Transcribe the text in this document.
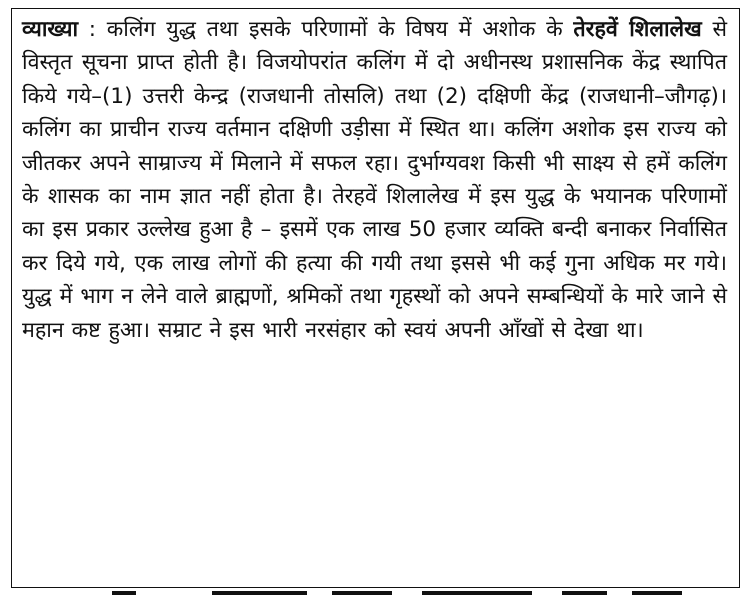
व्याख्या : कलिंग युद्ध तथा इसके परिणामों के विषय में अशोक के तेरहवें शिलालेख से विस्तृत सूचना प्राप्त होती है। विजयोपरांत कलिंग में दो अधीनस्थ प्रशासनिक केंद्र स्थापित किये गये–(1) उत्तरी केन्द्र (राजधानी तोसलि) तथा (2) दक्षिणी केंद्र (राजधानी–जौगढ़)। कलिंग का प्राचीन राज्य वर्तमान दक्षिणी उड़ीसा में स्थित था। कलिंग अशोक इस राज्य को जीतकर अपने साम्राज्य में मिलाने में सफल रहा। दुर्भाग्यवश किसी भी साक्ष्य से हमें कलिंग के शासक का नाम ज्ञात नहीं होता है। तेरहवें शिलालेख में इस युद्ध के भयानक परिणामों का इस प्रकार उल्लेख हुआ है – इसमें एक लाख 50 हजार व्यक्ति बन्दी बनाकर निर्वासित कर दिये गये, एक लाख लोगों की हत्या की गयी तथा इससे भी कई गुना अधिक मर गये। युद्ध में भाग न लेने वाले ब्राह्मणों, श्रमिकों तथा गृहस्थों को अपने सम्बन्धियों के मारे जाने से महान कष्ट हुआ। सम्राट ने इस भारी नरसंहार को स्वयं अपनी आँखों से देखा था।
